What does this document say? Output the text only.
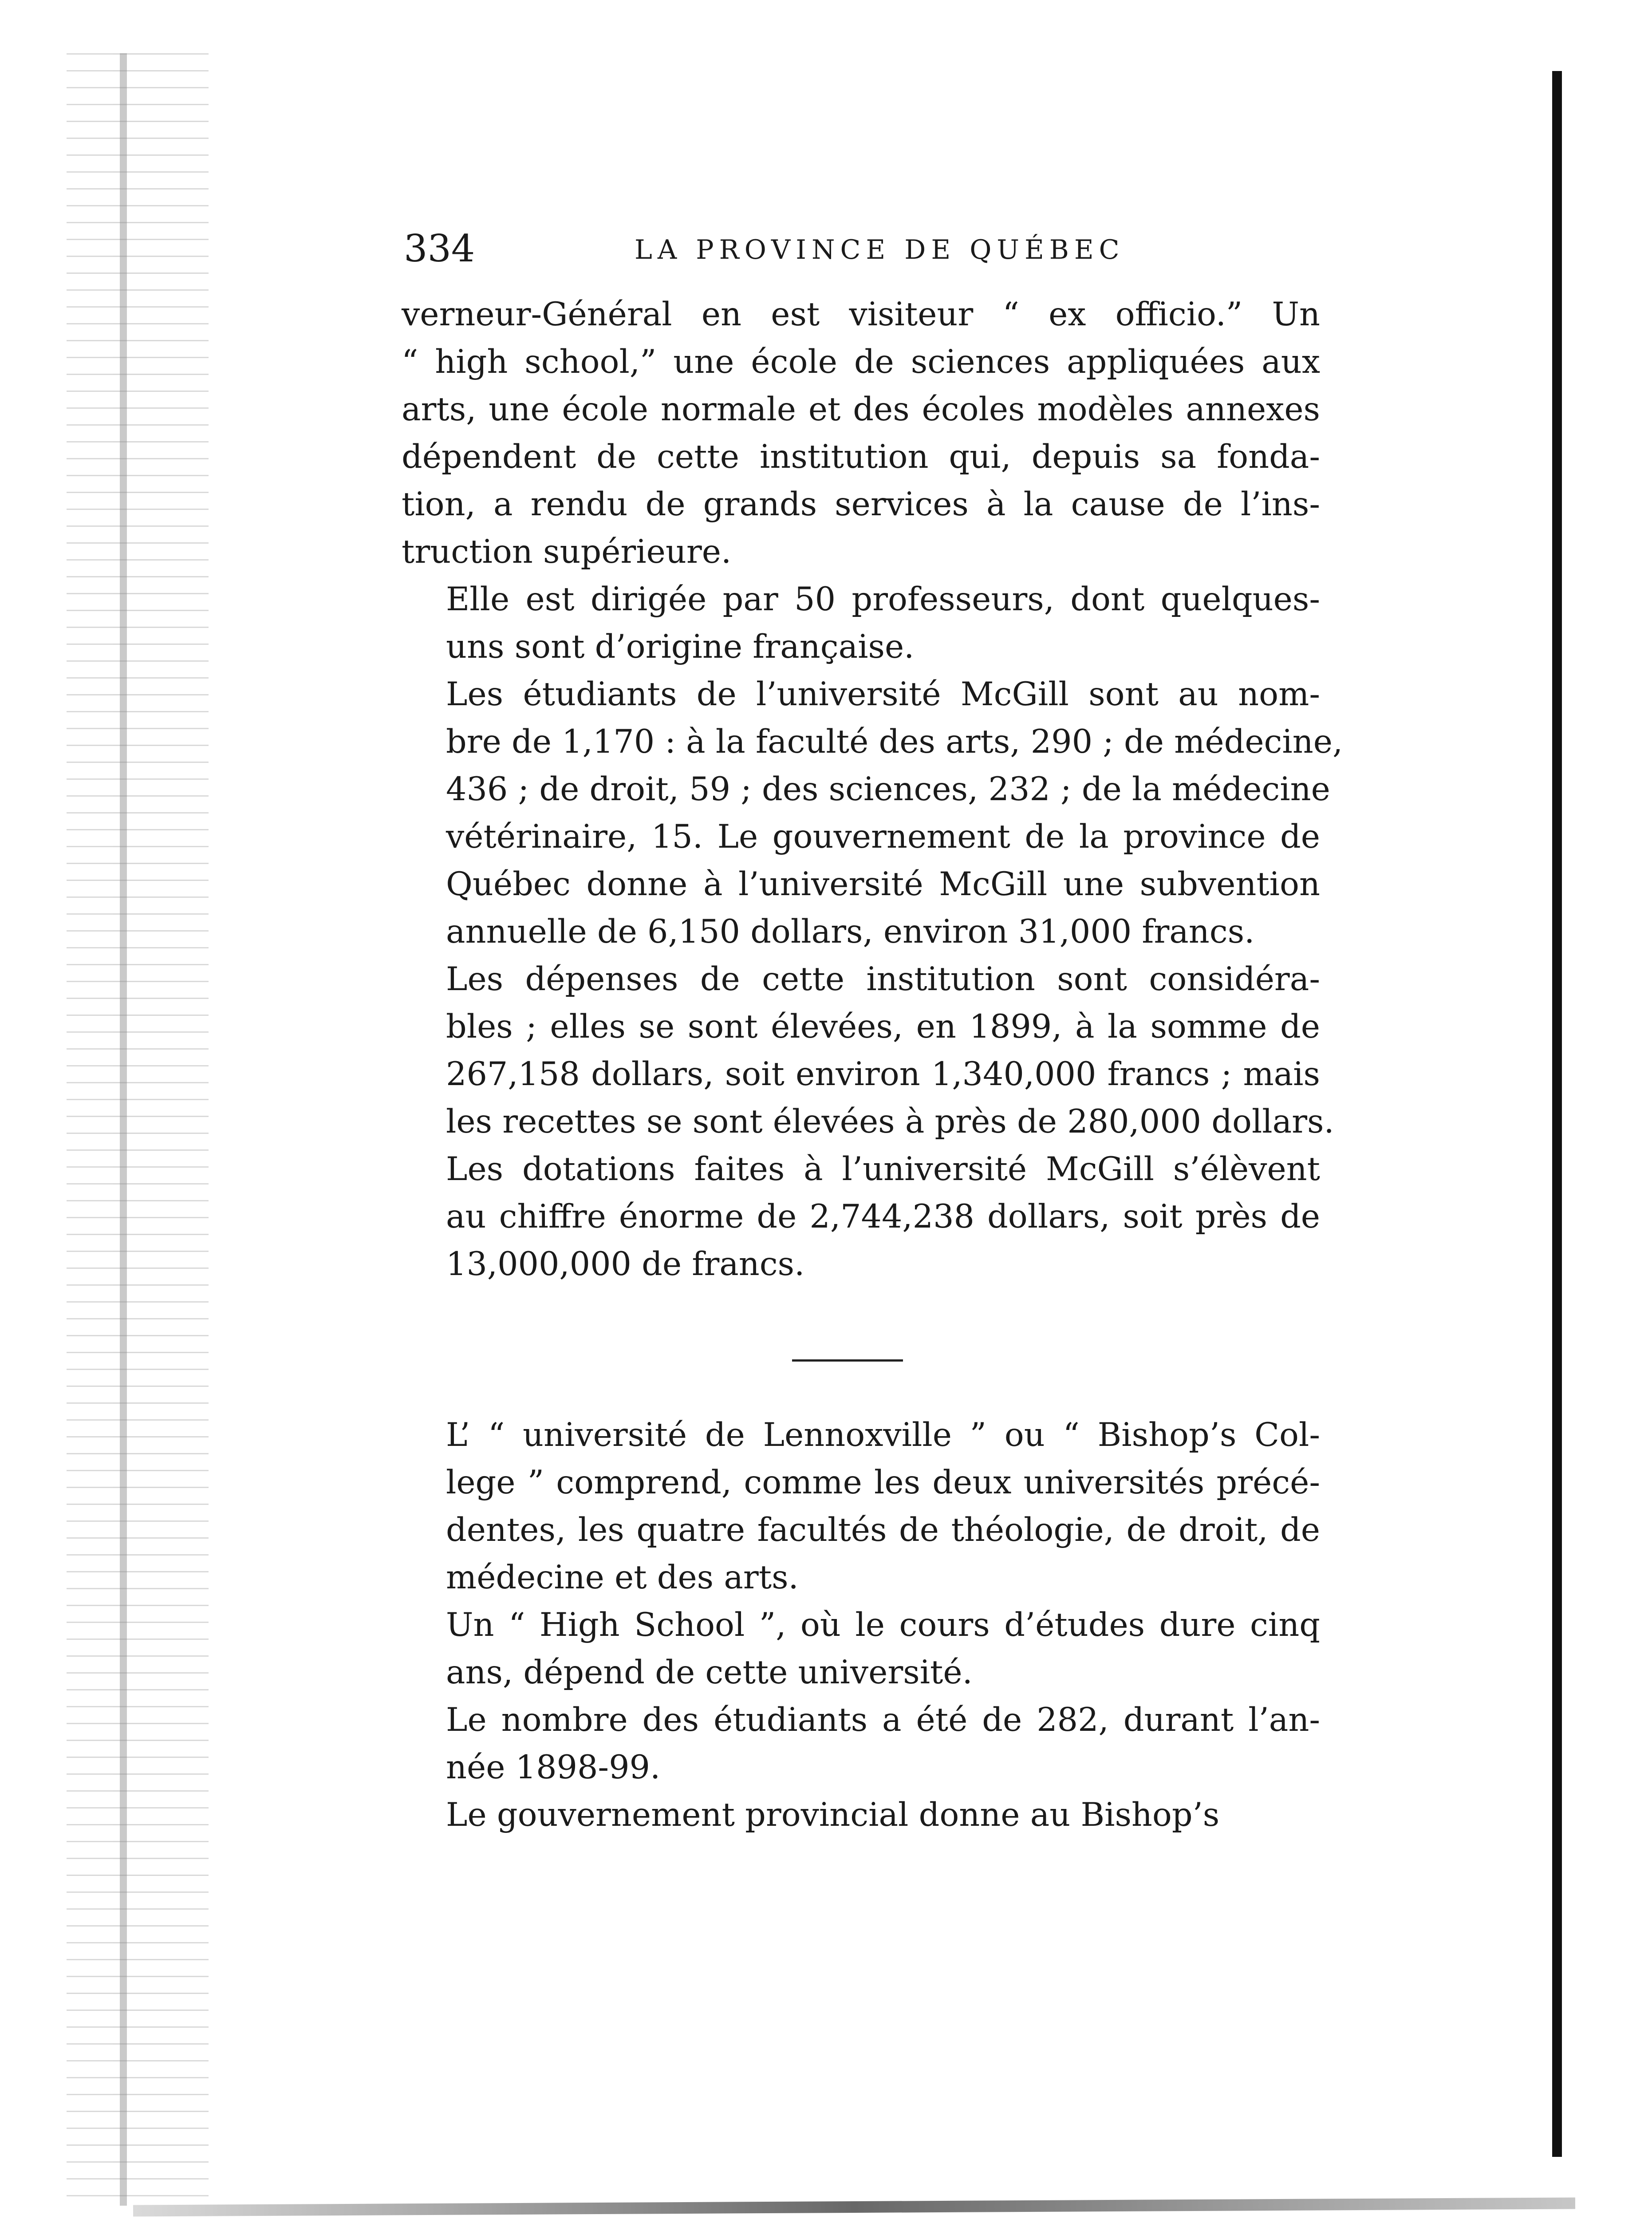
334	LA PROVINCE DE QUÉBEC

verneur-Général en est visiteur “ ex officio.” Un
“ high school,” une école de sciences appliquées aux
arts, une école normale et des écoles modèles annexes
dépendent de cette institution qui, depuis sa fonda-
tion, a rendu de grands services à la cause de l’ins-
truction supérieure.

Elle est dirigée par 50 professeurs, dont quelques-
uns sont d’origine française.

Les étudiants de l’université McGill sont au nom-
bre de 1,170 : à la faculté des arts, 290 ; de médecine,
436 ; de droit, 59 ; des sciences, 232 ; de la médecine
vétérinaire, 15. Le gouvernement de la province de
Québec donne à l’université McGill une subvention
annuelle de 6,150 dollars, environ 31,000 francs.

Les dépenses de cette institution sont considéra-
bles ; elles se sont élevées, en 1899, à la somme de
267,158 dollars, soit environ 1,340,000 francs ; mais
les recettes se sont élevées à près de 280,000 dollars.

Les dotations faites à l’université McGill s’élèvent
au chiffre énorme de 2,744,238 dollars, soit près de
13,000,000 de francs.

L’ “ université de Lennoxville ” ou “ Bishop’s Col-
lege ” comprend, comme les deux universités précé-
dentes, les quatre facultés de théologie, de droit, de
médecine et des arts.

Un “ High School ”, où le cours d’études dure cinq
ans, dépend de cette université.

Le nombre des étudiants a été de 282, durant l’an-
née 1898-99.

Le gouvernement provincial donne au Bishop’s
